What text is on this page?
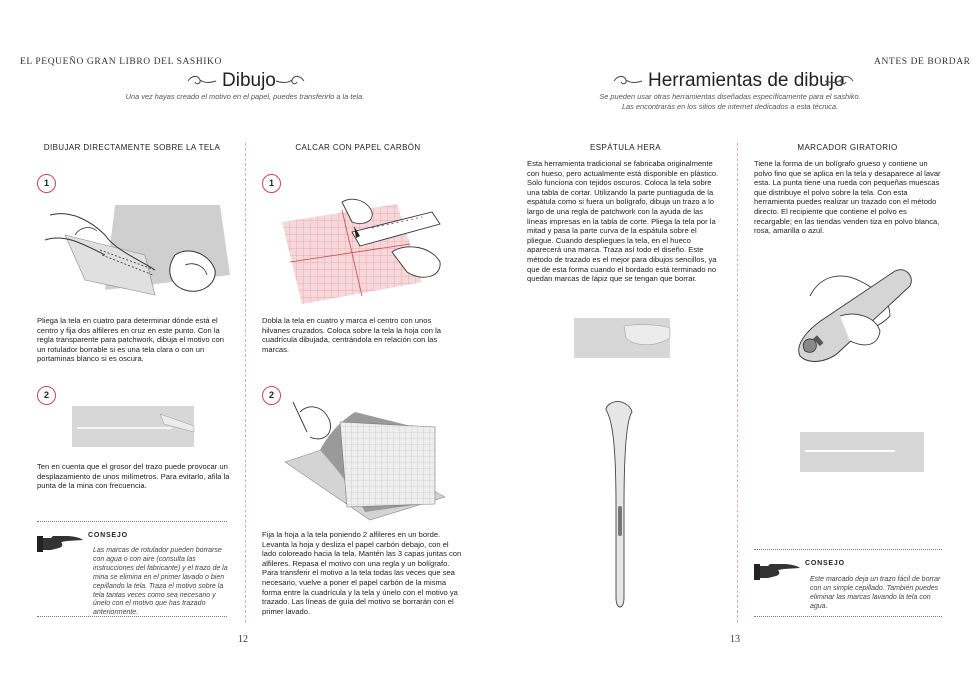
EL PEQUEÑO GRAN LIBRO DEL SASHIKO
Dibujo
Una vez hayas creado el motivo en el papel, puedes transferirlo a la tela.
DIBUJAR DIRECTAMENTE SOBRE LA TELA
1
Pliega la tela en cuatro para determinar dónde está el centro y fija dos alfileres en cruz en este punto. Con la regla transparente para patchwork, dibuja el motivo con un rotulador borrable si es una tela clara o con un portaminas blanco si es oscura.
2
Ten en cuenta que el grosor del trazo puede provocar un desplazamiento de unos milímetros. Para evitarlo, afila la punta de la mina con frecuencia.
CONSEJO
Las marcas de rotulador pueden borrarse con agua o con aire (consulta las instrucciones del fabricante) y el trazo de la mina se elimina en el primer lavado o bien cepillando la tela. Traza el motivo sobre la tela tantas veces como sea necesario y únelo con el motivo que has trazado anteriormente.
CALCAR CON PAPEL CARBÓN
1
Dobla la tela en cuatro y marca el centro con unos hilvanes cruzados. Coloca sobre la tela la hoja con la cuadrícula dibujada, centrándola en relación con las marcas.
2
Fija la hoja a la tela poniendo 2 alfileres en un borde. Levanta la hoja y desliza el papel carbón debajo, con el lado coloreado hacia la tela. Mantén las 3 capas juntas con alfileres. Repasa el motivo con una regla y un bolígrafo. Para transferir el motivo a la tela todas las veces que sea necesario, vuelve a poner el papel carbón de la misma forma entre la cuadrícula y la tela y únelo con el motivo ya trazado. Las líneas de guía del motivo se borrarán con el primer lavado.
12
ANTES DE BORDAR
Herramientas de dibujo
Se pueden usar otras herramientas diseñadas específicamente para el sashiko.
Las encontrarás en los sitios de internet dedicados a esta técnica.
ESPÁTULA HERA
Esta herramienta tradicional se fabricaba originalmente con hueso, pero actualmente está disponible en plástico. Solo funciona con tejidos oscuros. Coloca la tela sobre una tabla de cortar. Utilizando la parte puntiaguda de la espátula como si fuera un bolígrafo, dibuja un trazo a lo largo de una regla de patchwork con la ayuda de las líneas impresas en la tabla de corte. Pliega la tela por la mitad y pasa la parte curva de la espátula sobre el pliegue. Cuando despliegues la tela, en el hueco aparecerá una marca. Traza así todo el diseño. Este método de trazado es el mejor para dibujos sencillos, ya que de esta forma cuando el bordado está terminado no quedan marcas de lápiz que se tengan que borrar.
MARCADOR GIRATORIO
Tiene la forma de un bolígrafo grueso y contiene un polvo fino que se aplica en la tela y desaparece al lavar esta. La punta tiene una rueda con pequeñas muescas que distribuye el polvo sobre la tela. Con esta herramienta puedes realizar un trazado con el método directo. El recipiente que contiene el polvo es recargable; en las tiendas venden tiza en polvo blanca, rosa, amarilla o azul.
CONSEJO
Este marcado deja un trazo fácil de borrar con un simple cepillado. También puedes eliminar las marcas lavando la tela con agua.
13
